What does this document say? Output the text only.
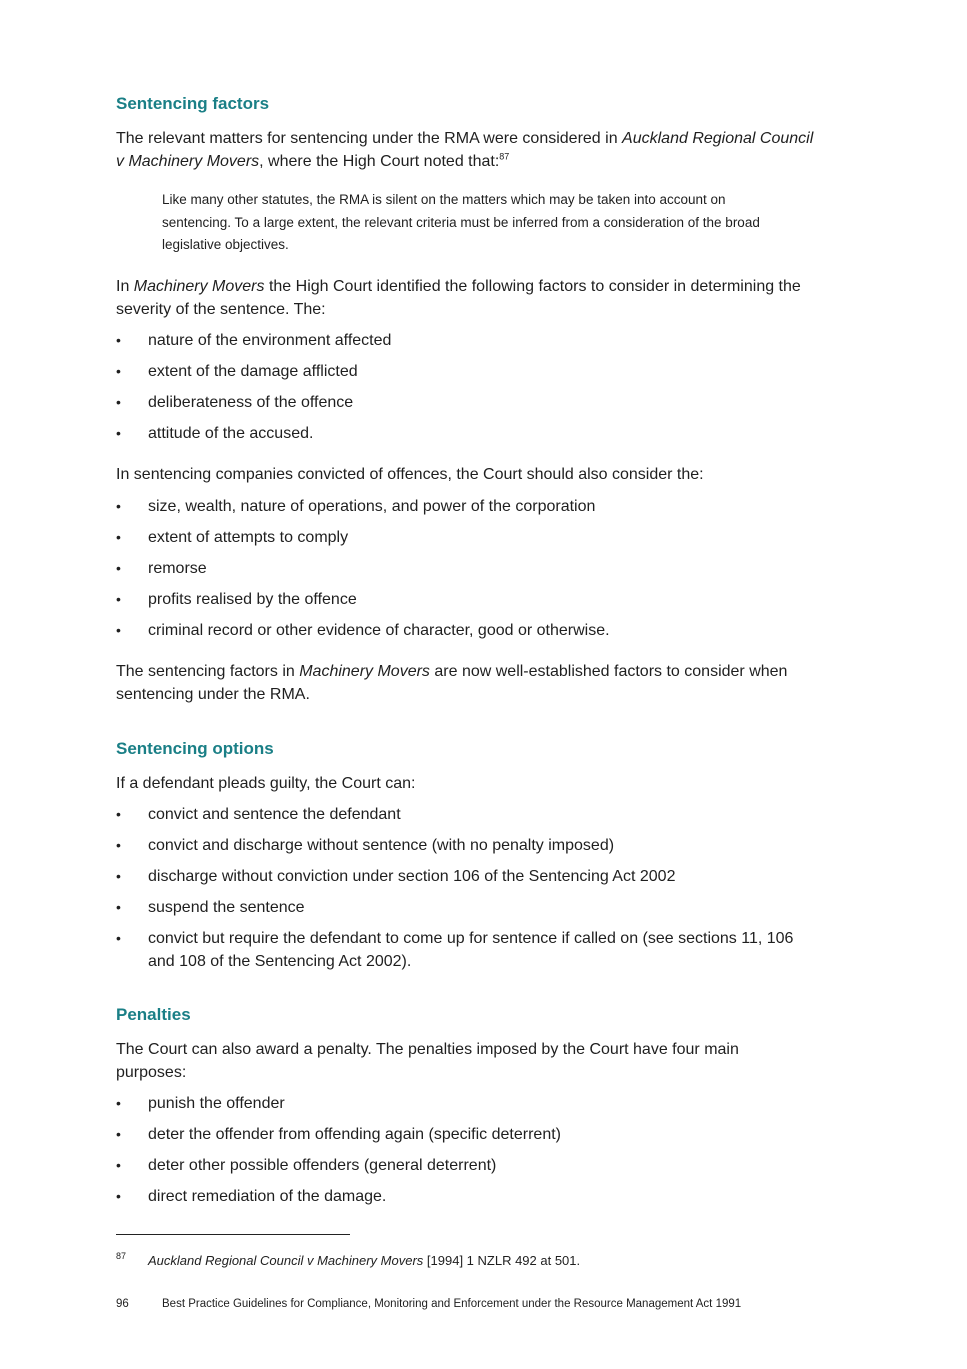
Sentencing factors

The relevant matters for sentencing under the RMA were considered in Auckland Regional Council v Machinery Movers, where the High Court noted that:$^{87}$

Like many other statutes, the RMA is silent on the matters which may be taken into account on sentencing. To a large extent, the relevant criteria must be inferred from a consideration of the broad legislative objectives.

In Machinery Movers the High Court identified the following factors to consider in determining the severity of the sentence. The:

• nature of the environment affected
• extent of the damage afflicted
• deliberateness of the offence
• attitude of the accused.

In sentencing companies convicted of offences, the Court should also consider the:

• size, wealth, nature of operations, and power of the corporation
• extent of attempts to comply
• remorse
• profits realised by the offence
• criminal record or other evidence of character, good or otherwise.

The sentencing factors in Machinery Movers are now well-established factors to consider when sentencing under the RMA.

Sentencing options

If a defendant pleads guilty, the Court can:

• convict and sentence the defendant
• convict and discharge without sentence (with no penalty imposed)
• discharge without conviction under section 106 of the Sentencing Act 2002
• suspend the sentence
• convict but require the defendant to come up for sentence if called on (see sections 11, 106 and 108 of the Sentencing Act 2002).
Penalties

The Court can also award a penalty. The penalties imposed by the Court have four main purposes:

• punish the offender
• deter the offender from offending again (specific deterrent)
• deter other possible offenders (general deterrent)
• direct remediation of the damage.
87 Auckland Regional Council v Machinery Movers [1994] 1 NZLR 492 at 501.
96	Best Practice Guidelines for Compliance, Monitoring and Enforcement under the Resource Management Act 1991
